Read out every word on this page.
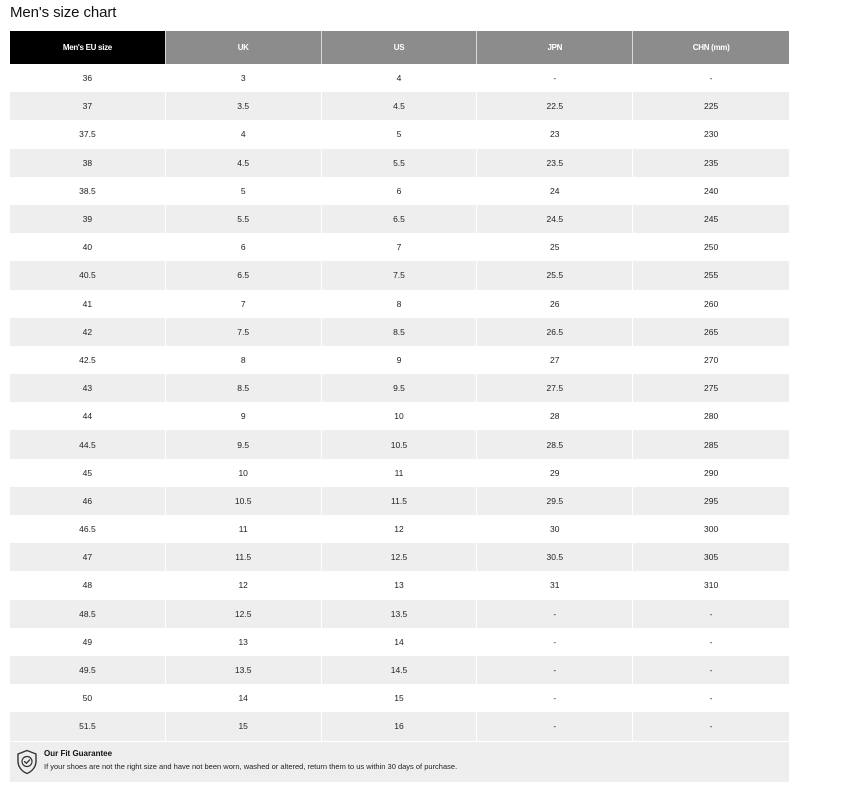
Men's size chart
Men's EU size	UK	US	JPN	CHN (mm)
36	3	4	-	-
37	3.5	4.5	22.5	225
37.5	4	5	23	230
38	4.5	5.5	23.5	235
38.5	5	6	24	240
39	5.5	6.5	24.5	245
40	6	7	25	250
40.5	6.5	7.5	25.5	255
41	7	8	26	260
42	7.5	8.5	26.5	265
42.5	8	9	27	270
43	8.5	9.5	27.5	275
44	9	10	28	280
44.5	9.5	10.5	28.5	285
45	10	11	29	290
46	10.5	11.5	29.5	295
46.5	11	12	30	300
47	11.5	12.5	30.5	305
48	12	13	31	310
48.5	12.5	13.5	-	-
49	13	14	-	-
49.5	13.5	14.5	-	-
50	14	15	-	-
51.5	15	16	-	-
Our Fit Guarantee
If your shoes are not the right size and have not been worn, washed or altered, return them to us within 30 days of purchase.
